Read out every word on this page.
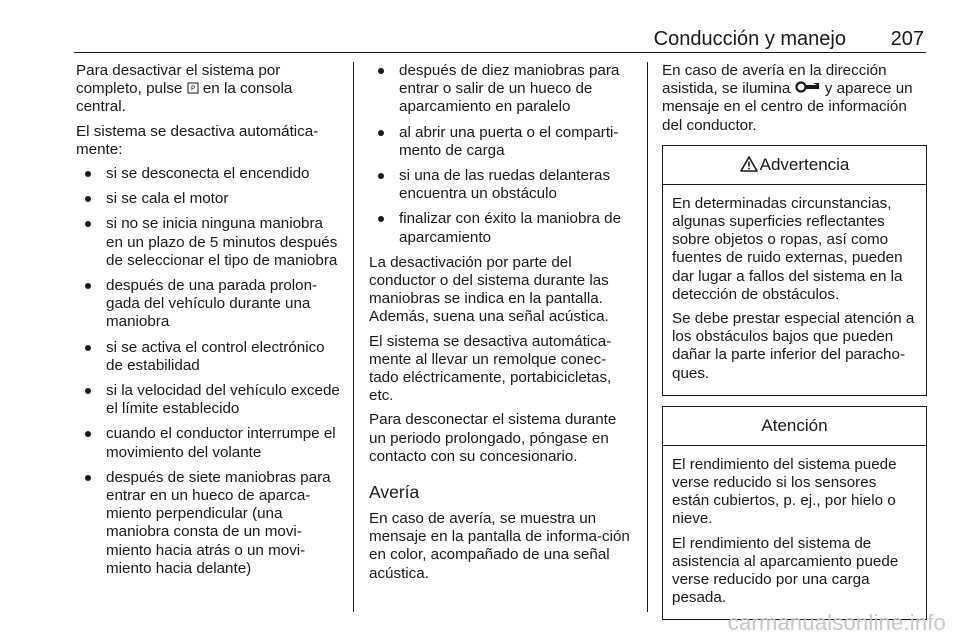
Conducción y manejo 207

Para desactivar el sistema por completo, pulse P en la consola central.

El sistema se desactiva automática-mente:

si se desconecta el encendido
si se cala el motor
si no se inicia ninguna maniobra en un plazo de 5 minutos después de seleccionar el tipo de maniobra
después de una parada prolon-gada del vehículo durante una maniobra
si se activa el control electrónico de estabilidad
si la velocidad del vehículo excede el límite establecido
cuando el conductor interrumpe el movimiento del volante
después de siete maniobras para entrar en un hueco de aparca-miento perpendicular (una maniobra consta de un movi-miento hacia atrás o un movi-miento hacia delante)
después de diez maniobras para entrar o salir de un hueco de aparcamiento en paralelo
al abrir una puerta o el comparti-mento de carga
si una de las ruedas delanteras encuentra un obstáculo
finalizar con éxito la maniobra de aparcamiento

La desactivación por parte del conductor o del sistema durante las maniobras se indica en la pantalla. Además, suena una señal acústica.

El sistema se desactiva automática-mente al llevar un remolque conec-tado eléctricamente, portabicicletas, etc.

Para desconectar el sistema durante un periodo prolongado, póngase en contacto con su concesionario.

Avería

En caso de avería, se muestra un mensaje en la pantalla de informa-ción en color, acompañado de una señal acústica.

En caso de avería en la dirección asistida, se ilumina y aparece un mensaje en el centro de información del conductor.

Advertencia

En determinadas circunstancias, algunas superficies reflectantes sobre objetos o ropas, así como fuentes de ruido externas, pueden dar lugar a fallos del sistema en la detección de obstáculos.

Se debe prestar especial atención a los obstáculos bajos que pueden dañar la parte inferior del paracho-ques.

Atención

El rendimiento del sistema puede verse reducido si los sensores están cubiertos, p. ej., por hielo o nieve.

El rendimiento del sistema de asistencia al aparcamiento puede verse reducido por una carga pesada.

carmanualsonline.info
